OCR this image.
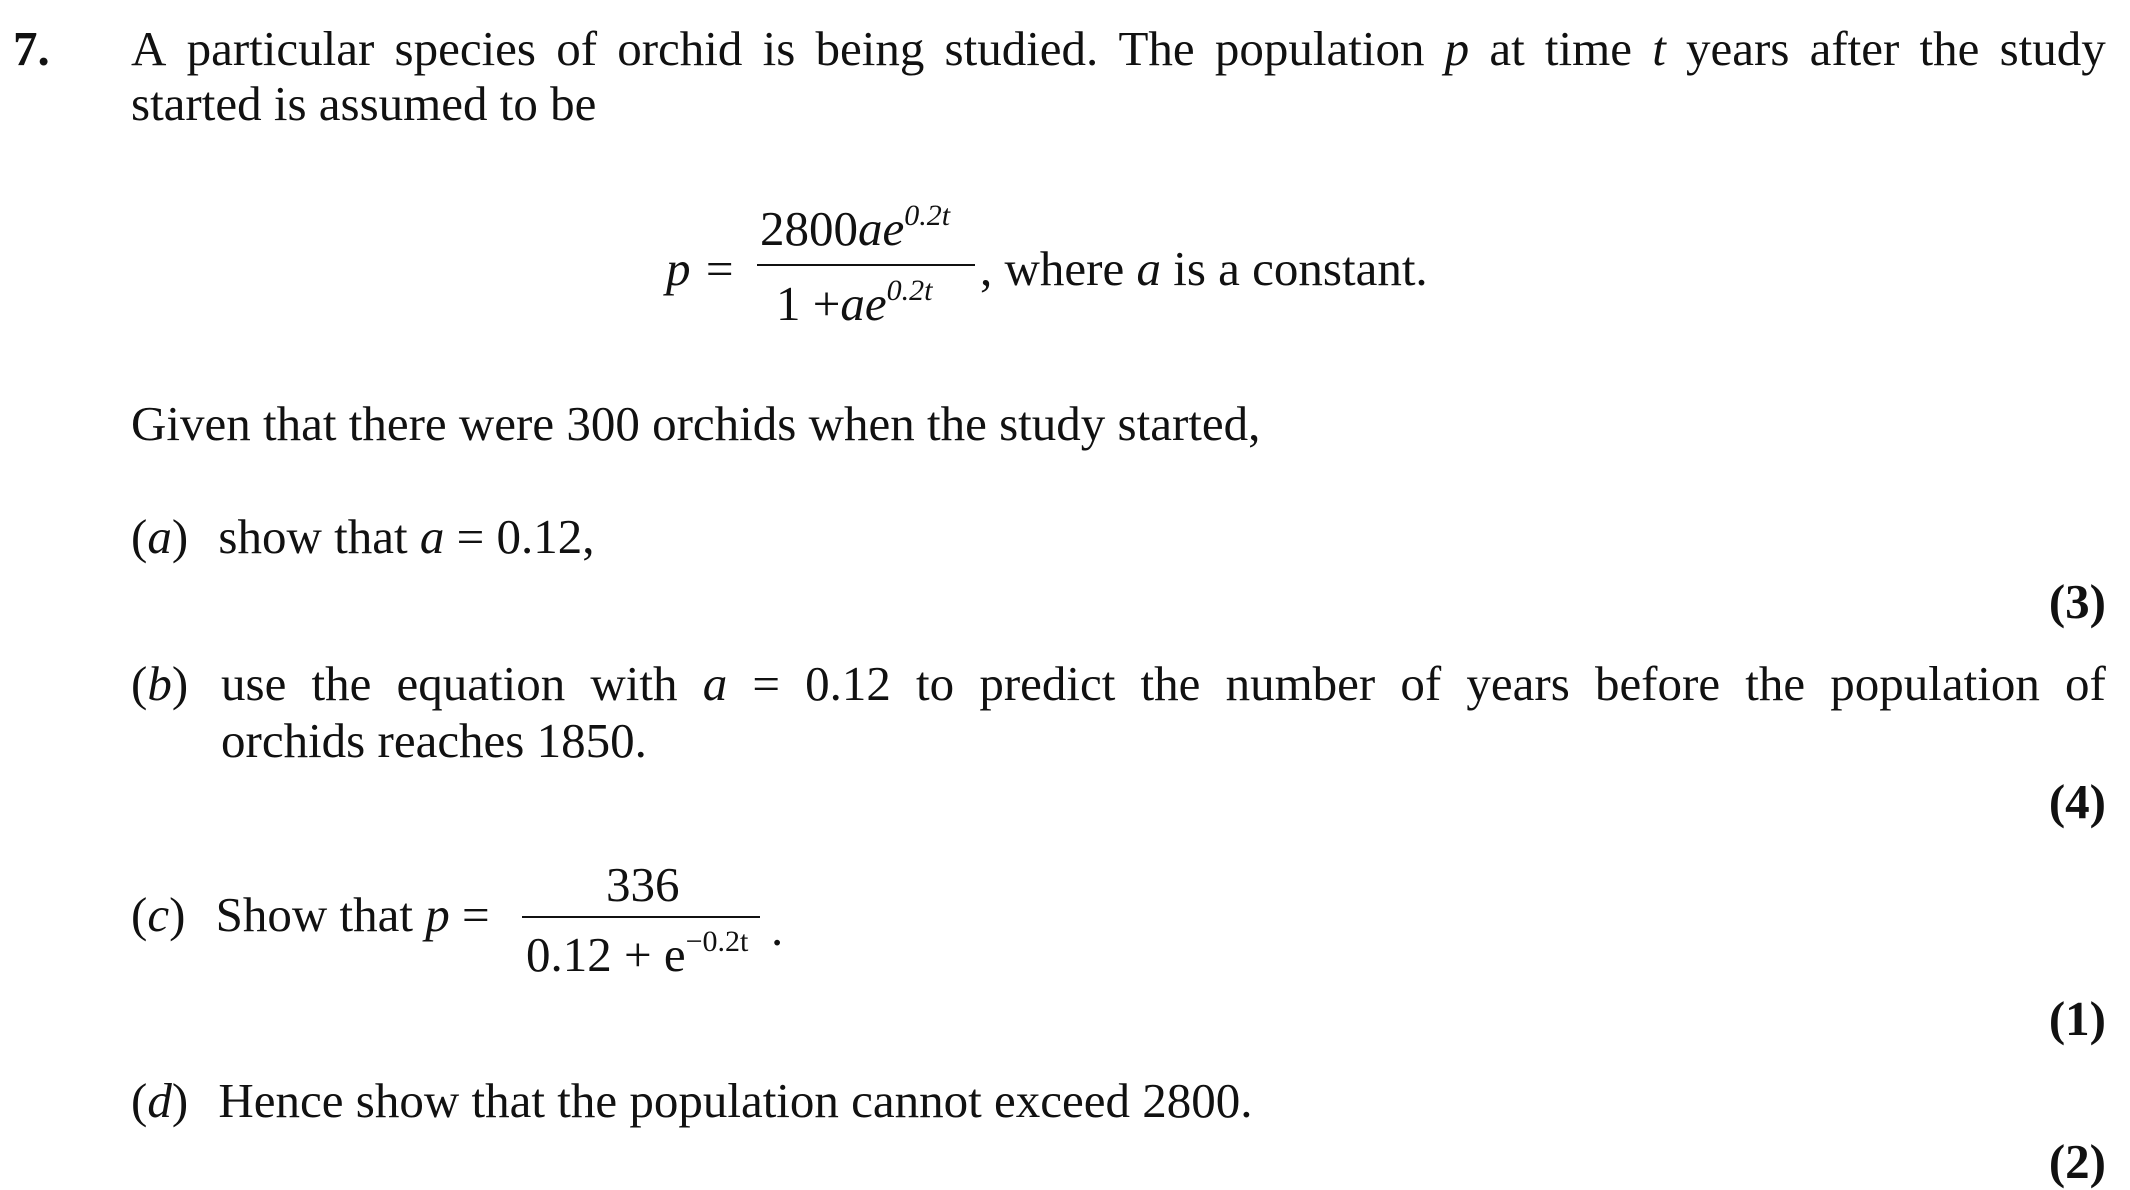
7. A particular species of orchid is being studied. The population p at time t years after the study
started is assumed to be
p =
$2800ae^{0.2t}$
$1 +ae^{0.2t}$ , where a is a constant.
Given that there were 300 orchids when the study started,
(a) show that a = 0.12,
(3)
(b) use the equation with a = 0.12 to predict the number of years before the population of
orchids reaches 1850.
(4)
(c) Show that p =
336
$0.12 + e^{-0.2t}$ .
(1)
(d) Hence show that the population cannot exceed 2800.
(2)
